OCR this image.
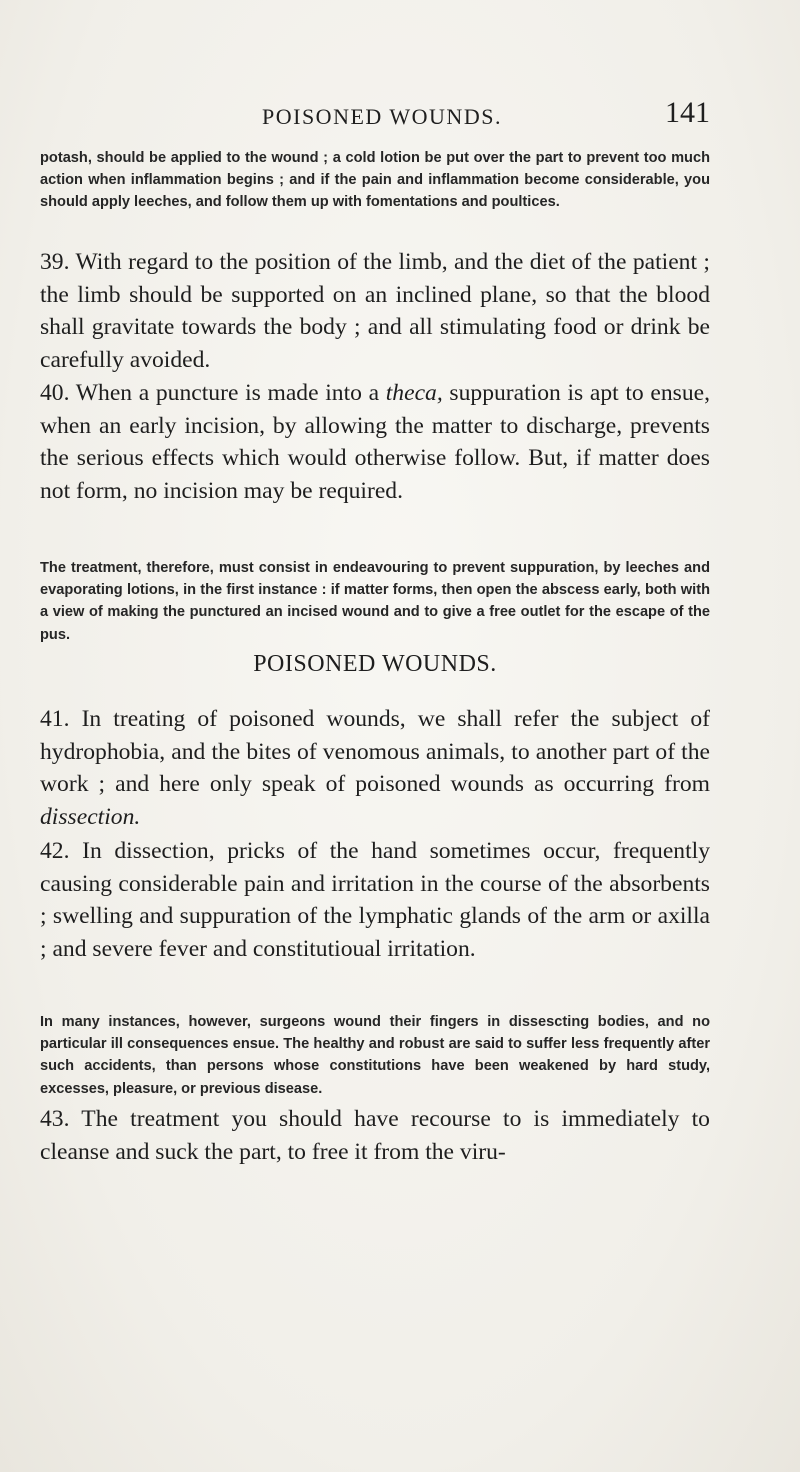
POISONED WOUNDS.	141

potash, should be applied to the wound ; a cold lotion be put over the part to prevent too much action when inflammation begins ; and if the pain and inflammation become considerable, you should apply leeches, and follow them up with fomentations and poultices.

39. With regard to the position of the limb, and the diet of the patient ; the limb should be supported on an inclined plane, so that the blood shall gravitate towards the body ; and all stimulating food or drink be carefully avoided.

40. When a puncture is made into a theca, suppuration is apt to ensue, when an early incision, by allowing the matter to discharge, prevents the serious effects which would otherwise follow. But, if matter does not form, no incision may be required.

The treatment, therefore, must consist in endeavouring to prevent suppuration, by leeches and evaporating lotions, in the first instance : if matter forms, then open the abscess early, both with a view of making the punctured an incised wound and to give a free outlet for the escape of the pus.

POISONED WOUNDS.

41. In treating of poisoned wounds, we shall refer the subject of hydrophobia, and the bites of venomous animals, to another part of the work ; and here only speak of poisoned wounds as occurring from dissection.

42. In dissection, pricks of the hand sometimes occur, frequently causing considerable pain and irritation in the course of the absorbents ; swelling and suppuration of the lymphatic glands of the arm or axilla ; and severe fever and constitutioual irritation.

In many instances, however, surgeons wound their fingers in dissescting bodies, and no particular ill consequences ensue. The healthy and robust are said to suffer less frequently after such accidents, than persons whose constitutions have been weakened by hard study, excesses, pleasure, or previous disease.

43. The treatment you should have recourse to is immediately to cleanse and suck the part, to free it from the viru-
